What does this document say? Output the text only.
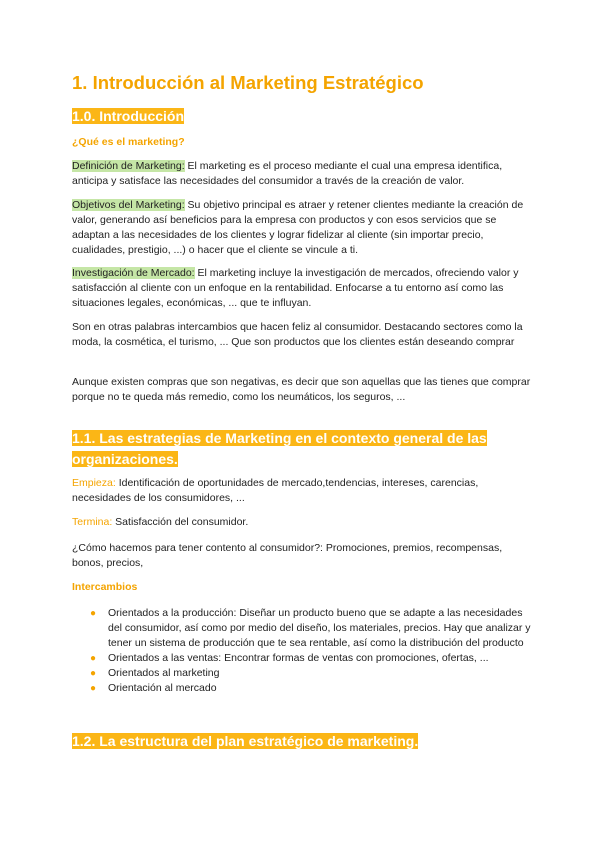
1. Introducción al Marketing Estratégico
1.0. Introducción
¿Qué es el marketing?
Definición de Marketing: El marketing es el proceso mediante el cual una empresa identifica, anticipa y satisface las necesidades del consumidor a través de la creación de valor.
Objetivos del Marketing: Su objetivo principal es atraer y retener clientes mediante la creación de valor, generando así beneficios para la empresa con productos y con esos servicios que se adaptan a las necesidades de los clientes y lograr fidelizar al cliente (sin importar precio, cualidades, prestigio, ...) o hacer que el cliente se vincule a ti.
Investigación de Mercado: El marketing incluye la investigación de mercados, ofreciendo valor y satisfacción al cliente con un enfoque en la rentabilidad. Enfocarse a tu entorno así como las situaciones legales, económicas, ... que te influyan.
Son en otras palabras intercambios que hacen feliz al consumidor. Destacando sectores como la moda, la cosmética, el turismo, ... Que son productos que los clientes están deseando comprar
Aunque existen compras que son negativas, es decir que son aquellas que las tienes que comprar porque no te queda más remedio, como los neumáticos, los seguros, ...
1.1. Las estrategias de Marketing en el contexto general de las
organizaciones.
Empieza: Identificación de oportunidades de mercado,tendencias, intereses, carencias, necesidades de los consumidores, ...
Termina: Satisfacción del consumidor.
¿Cómo hacemos para tener contento al consumidor?: Promociones, premios, recompensas, bonos, precios,
Intercambios
● Orientados a la producción: Diseñar un producto bueno que se adapte a las necesidades del consumidor, así como por medio del diseño, los materiales, precios. Hay que analizar y tener un sistema de producción que te sea rentable, así como la distribución del producto
● Orientados a las ventas: Encontrar formas de ventas con promociones, ofertas, ...
● Orientados al marketing
● Orientación al mercado
1.2. La estructura del plan estratégico de marketing.
